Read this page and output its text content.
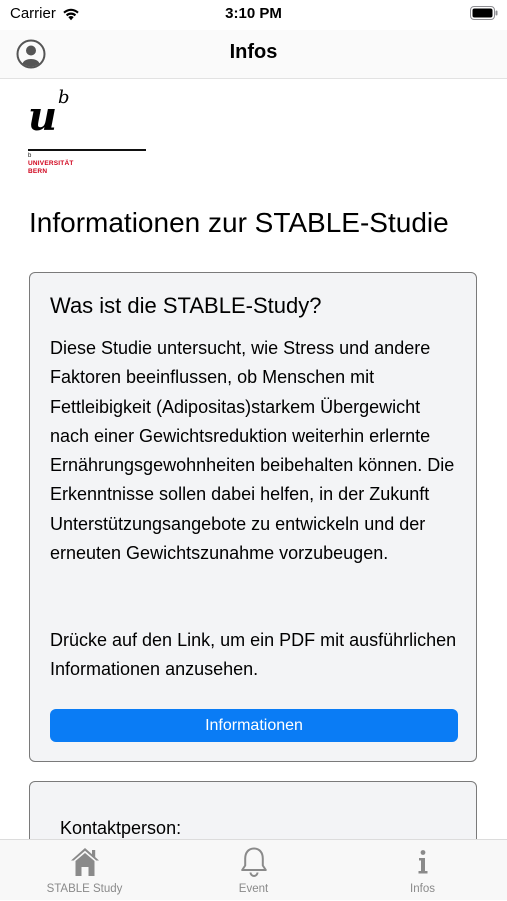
Carrier	3:10 PM
Infos
u b
b
UNIVERSITÄT
BERN
Informationen zur STABLE-Studie
Was ist die STABLE-Study?

Diese Studie untersucht, wie Stress und andere Faktoren beeinflussen, ob Menschen mit Fettleibigkeit (Adipositas)starkem Übergewicht nach einer Gewichtsreduktion weiterhin erlernte Ernährungsgewohnheiten beibehalten können. Die Erkenntnisse sollen dabei helfen, in der Zukunft Unterstützungsangebote zu entwickeln und der erneuten Gewichtszunahme vorzubeugen.

Drücke auf den Link, um ein PDF mit ausführlichen Informationen anzusehen.

Informationen
Kontaktperson:
STABLE Study	Event	Infos
